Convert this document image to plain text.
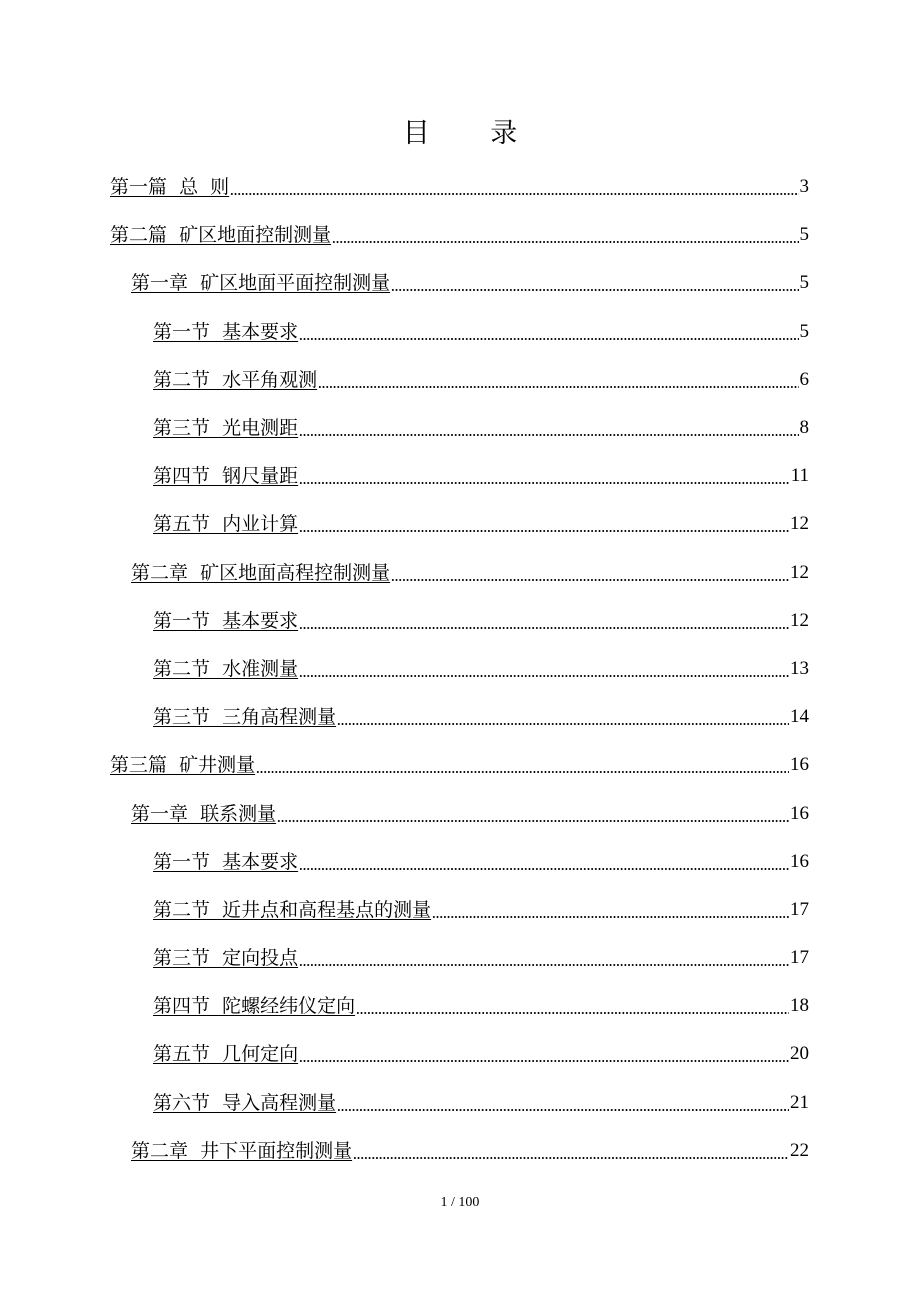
目 录
第一篇  总  则	3
第二篇  矿区地面控制测量	5
第一章  矿区地面平面控制测量	5
第一节  基本要求	5
第二节  水平角观测	6
第三节  光电测距	8
第四节  钢尺量距	11
第五节  内业计算	12
第二章  矿区地面高程控制测量	12
第一节  基本要求	12
第二节  水准测量	13
第三节  三角高程测量	14
第三篇  矿井测量	16
第一章  联系测量	16
第一节  基本要求	16
第二节  近井点和高程基点的测量	17
第三节  定向投点	17
第四节  陀螺经纬仪定向	18
第五节  几何定向	20
第六节  导入高程测量	21
第二章  井下平面控制测量	22
1 / 100
